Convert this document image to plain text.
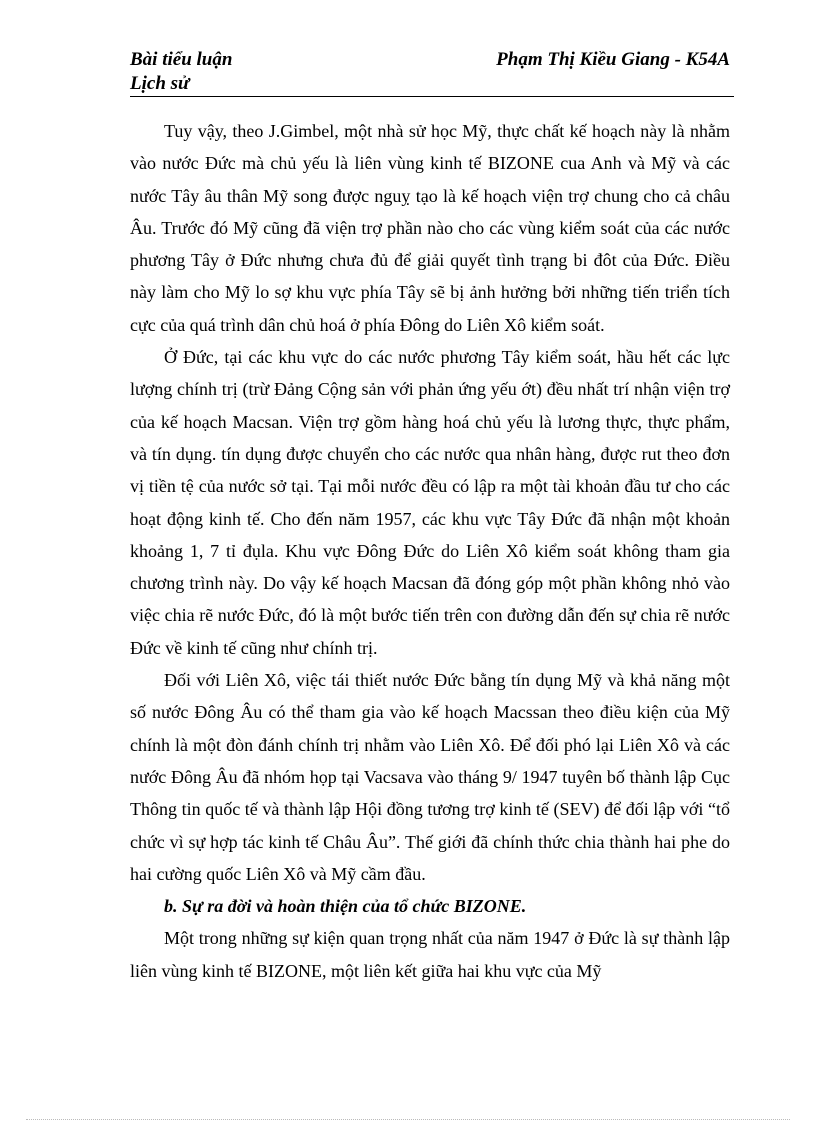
Bài tiểu luận
Lịch sử
Phạm Thị Kiều Giang - K54A

Tuy vậy, theo J.Gimbel, một nhà sử học Mỹ, thực chất kế hoạch này là nhằm vào nước Đức mà chủ yếu là liên vùng kinh tế BIZONE cua Anh và Mỹ và các nước Tây âu thân Mỹ song được nguỵ tạo là kế hoạch viện trợ chung cho cả châu Âu. Trước đó Mỹ cũng đã viện trợ phần nào cho các vùng kiểm soát của các nước phương Tây ở Đức nhưng chưa đủ để giải quyết tình trạng bi đôt của Đức. Điều này làm cho Mỹ lo sợ khu vực phía Tây sẽ bị ảnh hưởng bởi những tiến triển tích cực của quá trình dân chủ hoá ở phía Đông do Liên Xô kiểm soát.

Ở Đức, tại các khu vực do các nước phương Tây kiểm soát, hầu hết các lực lượng chính trị (trừ Đảng Cộng sản với phản ứng yếu ớt) đều nhất trí nhận viện trợ của kế hoạch Macsan. Viện trợ gồm hàng hoá chủ yếu là lương thực, thực phẩm, và tín dụng. tín dụng được chuyển cho các nước qua nhân hàng, được rut theo đơn vị tiền tệ của nước sở tại. Tại mỗi nước đều có lập ra một tài khoản đầu tư cho các hoạt động kinh tế. Cho đến năm 1957, các khu vực Tây Đức đã nhận một khoản khoảng 1, 7 tỉ đụla. Khu vực Đông Đức do Liên Xô kiểm soát không tham gia chương trình này. Do vậy kế hoạch Macsan đã đóng góp một phần không nhỏ vào việc chia rẽ nước Đức, đó là một bước tiến trên con đường dẫn đến sự chia rẽ nước Đức về kinh tế cũng như chính trị.

Đối với Liên Xô, việc tái thiết nước Đức bằng tín dụng Mỹ và khả năng một số nước Đông Âu có thể tham gia vào kế hoạch Macssan theo điều kiện của Mỹ chính là một đòn đánh chính trị nhằm vào Liên Xô. Để đối phó lại Liên Xô và các nước Đông Âu đã nhóm họp tại Vacsava vào tháng 9/ 1947 tuyên bố thành lập Cục Thông tin quốc tế và thành lập Hội đồng tương trợ kinh tế (SEV) để đối lập với “tổ chức vì sự hợp tác kinh tế Châu Âu”. Thế giới đã chính thức chia thành hai phe do hai cường quốc Liên Xô và Mỹ cầm đầu.

b. Sự ra đời và hoàn thiện của tổ chức BIZONE.

Một trong những sự kiện quan trọng nhất của năm 1947 ở Đức là sự thành lập liên vùng kinh tế BIZONE, một liên kết giữa hai khu vực của Mỹ
